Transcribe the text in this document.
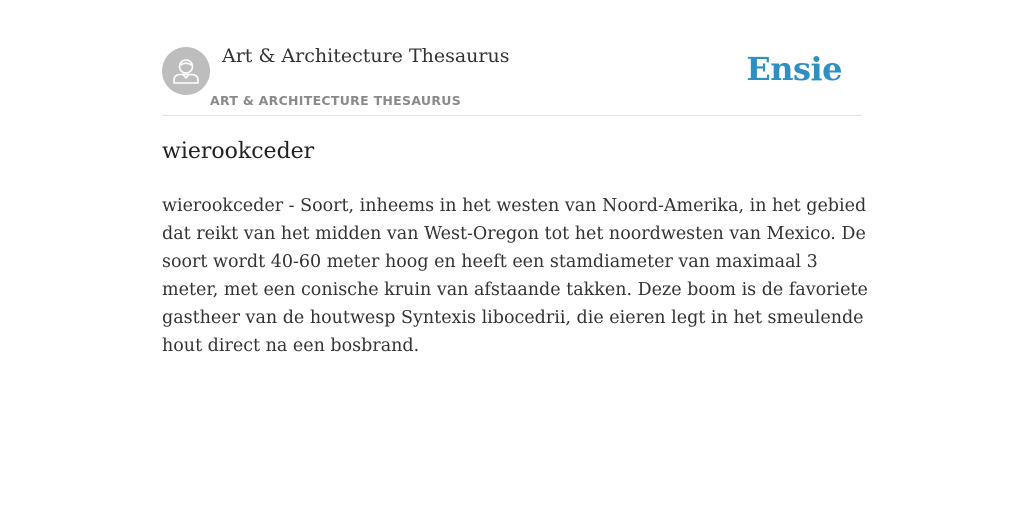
Art & Architecture Thesaurus
ART & ARCHITECTURE THESAURUS
Ensie
wierookceder

wierookceder - Soort, inheems in het westen van Noord-Amerika, in het gebied dat reikt van het midden van West-Oregon tot het noordwesten van Mexico. De soort wordt 40-60 meter hoog en heeft een stamdiameter van maximaal 3 meter, met een conische kruin van afstaande takken. Deze boom is de favoriete gastheer van de houtwesp Syntexis libocedrii, die eieren legt in het smeulende hout direct na een bosbrand.
